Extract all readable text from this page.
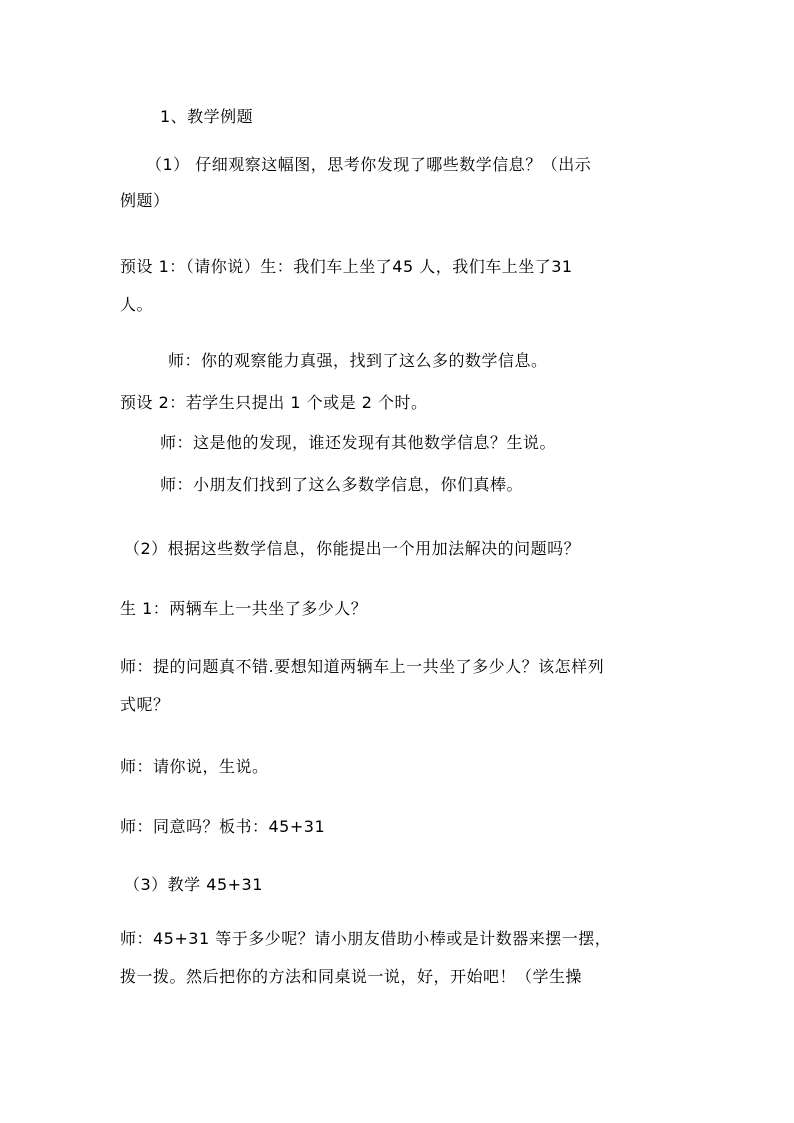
1、教学例题
（1） 仔细观察这幅图，思考你发现了哪些数学信息？（出示
例题）
预设 1：（请你说）生：我们车上坐了45 人，我们车上坐了31
人。
师：你的观察能力真强，找到了这么多的数学信息。
预设 2：若学生只提出 1 个或是 2 个时。
师：这是他的发现，谁还发现有其他数学信息？生说。
师：小朋友们找到了这么多数学信息，你们真棒。
（2）根据这些数学信息，你能提出一个用加法解决的问题吗？
生 1：两辆车上一共坐了多少人？
师：提的问题真不错.要想知道两辆车上一共坐了多少人？该怎样列
式呢？
师：请你说，生说。
师：同意吗？板书：45+31
（3）教学 45+31
师：45+31 等于多少呢？请小朋友借助小棒或是计数器来摆一摆，
拨一拨。然后把你的方法和同桌说一说，好，开始吧！（学生操
